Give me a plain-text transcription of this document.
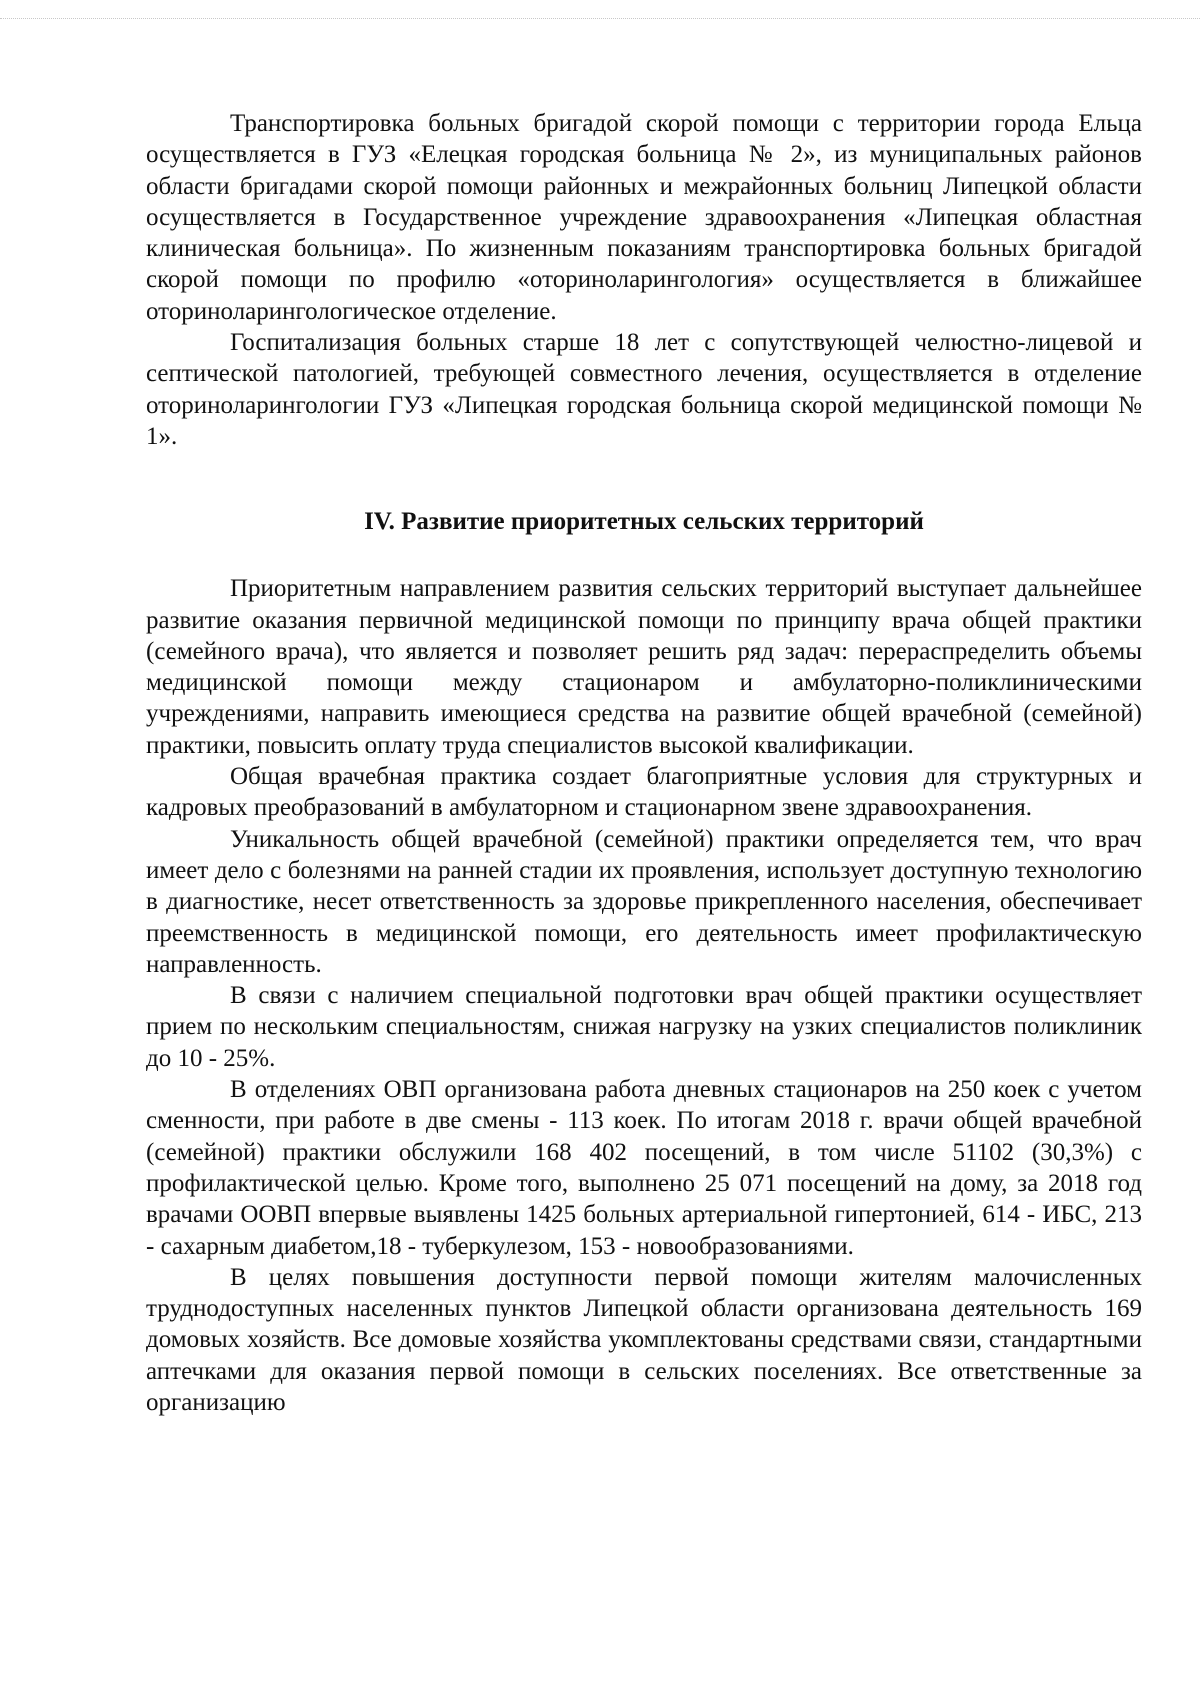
Транспортировка больных бригадой скорой помощи с территории города Ельца осуществляется в ГУЗ «Елецкая городская больница № 2», из муниципальных районов области бригадами скорой помощи районных и межрайонных больниц Липецкой области осуществляется в Государственное учреждение здравоохранения «Липецкая областная клиническая больница». По жизненным показаниям транспортировка больных бригадой скорой помощи по профилю «оториноларингология» осуществляется в ближайшее оториноларингологическое отделение.

Госпитализация больных старше 18 лет с сопутствующей челюстно-лицевой и септической патологией, требующей совместного лечения, осуществляется в отделение оториноларингологии ГУЗ «Липецкая городская больница скорой медицинской помощи № 1».

IV. Развитие приоритетных сельских территорий

Приоритетным направлением развития сельских территорий выступает дальнейшее развитие оказания первичной медицинской помощи по принципу врача общей практики (семейного врача), что является и позволяет решить ряд задач: перераспределить объемы медицинской помощи между стационаром и амбулаторно-поликлиническими учреждениями, направить имеющиеся средства на развитие общей врачебной (семейной) практики, повысить оплату труда специалистов высокой квалификации.

Общая врачебная практика создает благоприятные условия для структурных и кадровых преобразований в амбулаторном и стационарном звене здравоохранения.

Уникальность общей врачебной (семейной) практики определяется тем, что врач имеет дело с болезнями на ранней стадии их проявления, использует доступную технологию в диагностике, несет ответственность за здоровье прикрепленного населения, обеспечивает преемственность в медицинской помощи, его деятельность имеет профилактическую направленность.

В связи с наличием специальной подготовки врач общей практики осуществляет прием по нескольким специальностям, снижая нагрузку на узких специалистов поликлиник до 10 - 25%.

В отделениях ОВП организована работа дневных стационаров на 250 коек с учетом сменности, при работе в две смены - 113 коек. По итогам 2018 г. врачи общей врачебной (семейной) практики обслужили 168 402 посещений, в том числе 51102 (30,3%) с профилактической целью. Кроме того, выполнено 25 071 посещений на дому, за 2018 год врачами ООВП впервые выявлены 1425 больных артериальной гипертонией, 614 - ИБС, 213 - сахарным диабетом,18 - туберкулезом, 153 - новообразованиями.

В целях повышения доступности первой помощи жителям малочисленных труднодоступных населенных пунктов Липецкой области организована деятельность 169 домовых хозяйств. Все домовые хозяйства укомплектованы средствами связи, стандартными аптечками для оказания первой помощи в сельских поселениях. Все ответственные за организацию
